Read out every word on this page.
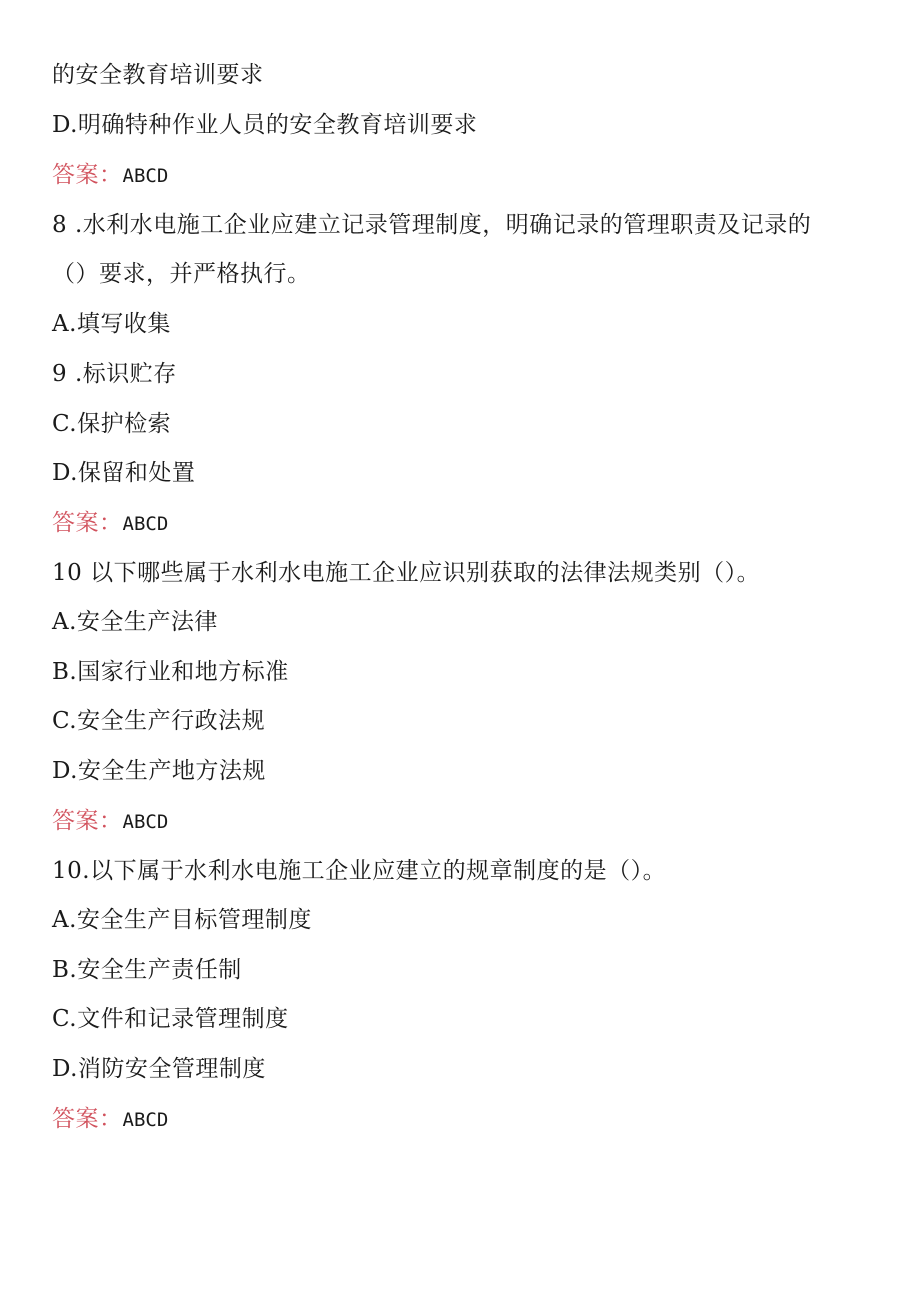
的安全教育培训要求
D.明确特种作业人员的安全教育培训要求
答案：ABCD
8 .水利水电施工企业应建立记录管理制度，明确记录的管理职责及记录的
（）要求，并严格执行。
A.填写收集
9 .标识贮存
C.保护检索
D.保留和处置
答案：ABCD
10 以下哪些属于水利水电施工企业应识别获取的法律法规类别（）。
A.安全生产法律
B.国家行业和地方标准
C.安全生产行政法规
D.安全生产地方法规
答案：ABCD
10.以下属于水利水电施工企业应建立的规章制度的是（）。
A.安全生产目标管理制度
B.安全生产责任制
C.文件和记录管理制度
D.消防安全管理制度
答案：ABCD
